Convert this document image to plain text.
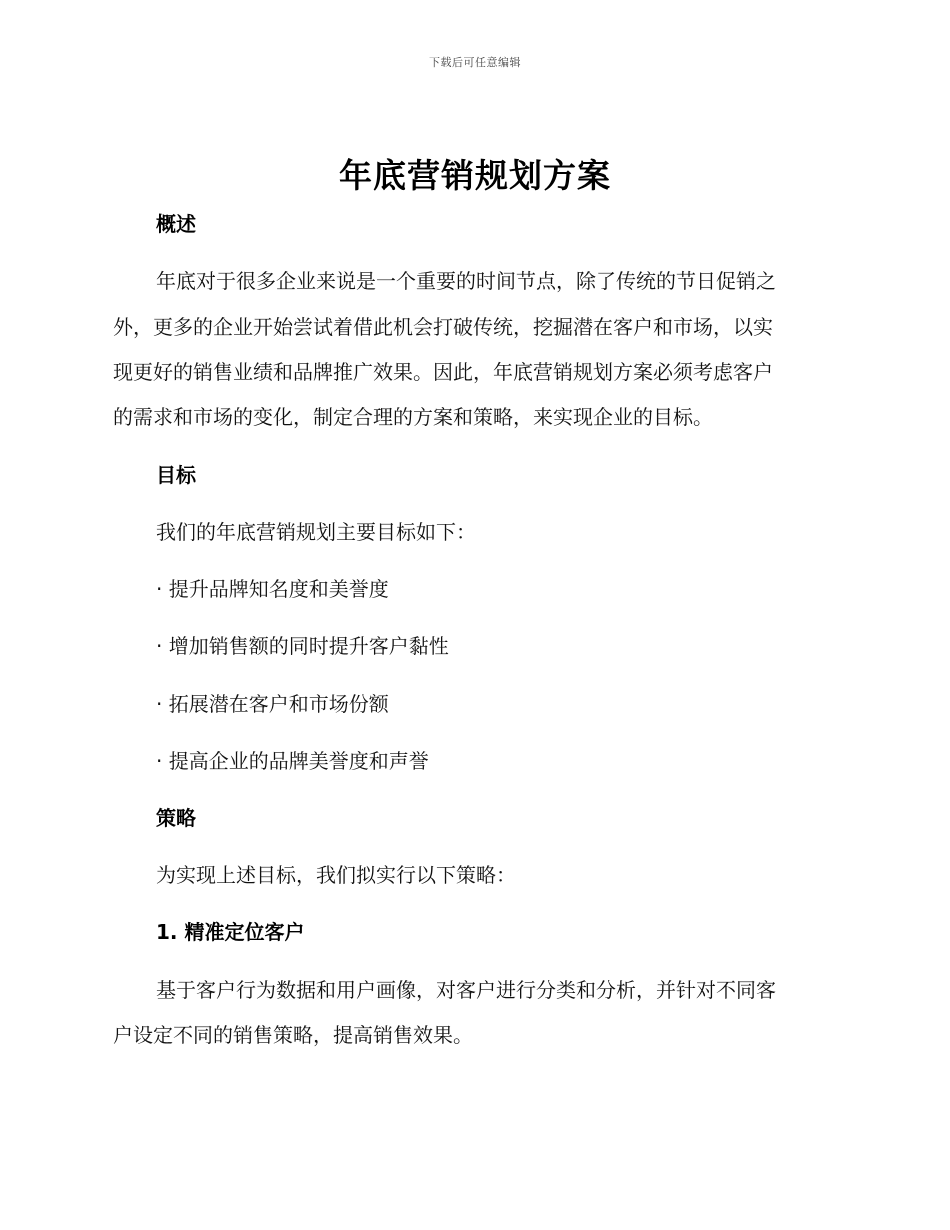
下载后可任意编辑
年底营销规划方案
概述
年底对于很多企业来说是一个重要的时间节点，除了传统的节日促销之
外，更多的企业开始尝试着借此机会打破传统，挖掘潜在客户和市场，以实
现更好的销售业绩和品牌推广效果。因此，年底营销规划方案必须考虑客户
的需求和市场的变化，制定合理的方案和策略，来实现企业的目标。
目标
我们的年底营销规划主要目标如下：
· 提升品牌知名度和美誉度
· 增加销售额的同时提升客户黏性
· 拓展潜在客户和市场份额
· 提高企业的品牌美誉度和声誉
策略
为实现上述目标，我们拟实行以下策略：
1. 精准定位客户
基于客户行为数据和用户画像，对客户进行分类和分析，并针对不同客
户设定不同的销售策略，提高销售效果。
